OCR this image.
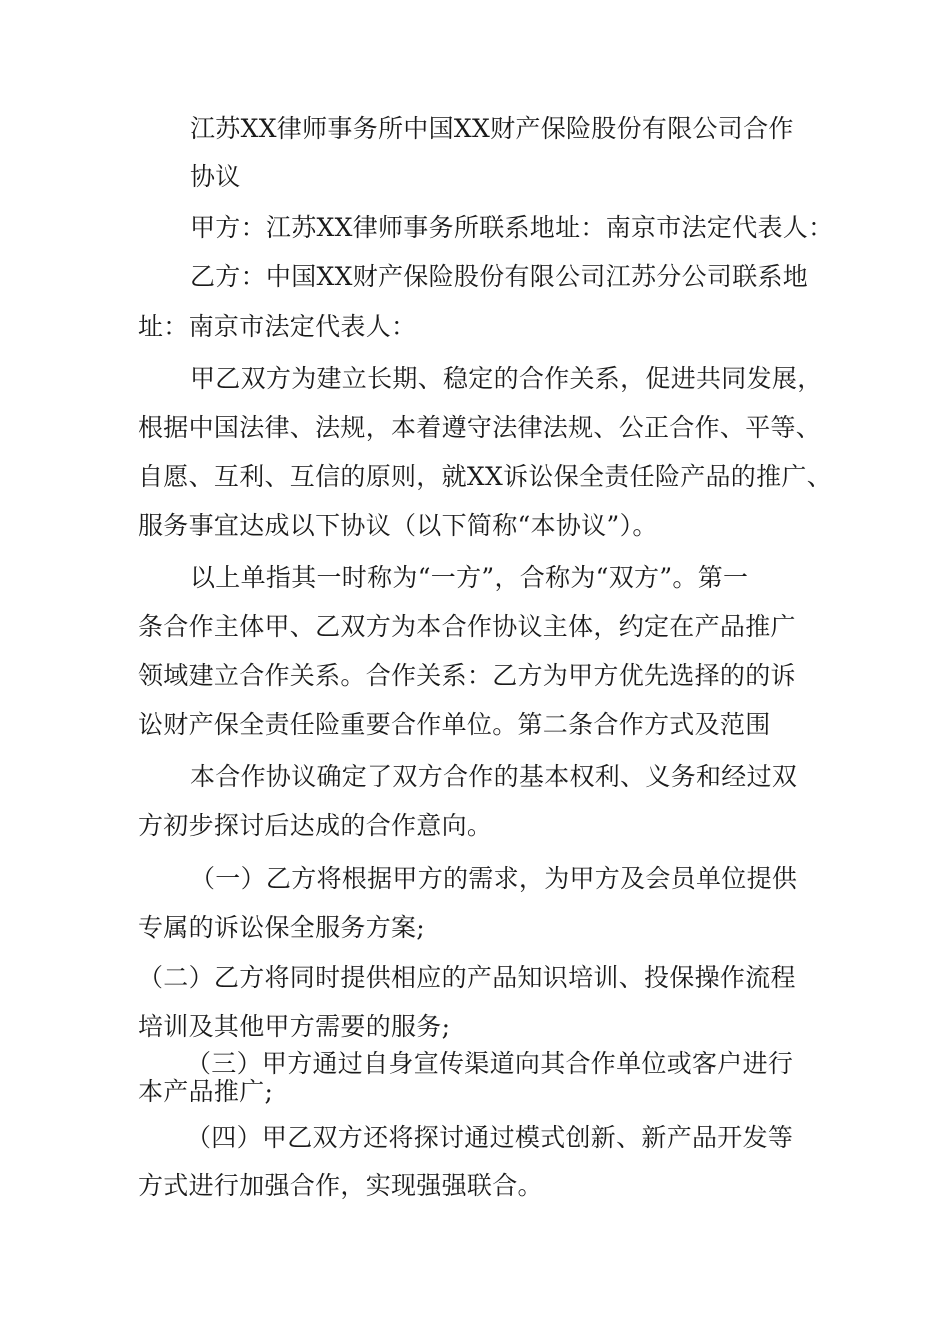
江苏XX律师事务所中国XX财产保险股份有限公司合作
协议
甲方：江苏XX律师事务所联系地址：南京市法定代表人：
乙方：中国XX财产保险股份有限公司江苏分公司联系地
址：南京市法定代表人：
甲乙双方为建立长期、稳定的合作关系，促进共同发展，
根据中国法律、法规，本着遵守法律法规、公正合作、平等、
自愿、互利、互信的原则，就XX诉讼保全责任险产品的推广、
服务事宜达成以下协议（以下简称“本协议”）。
以上单指其一时称为“一方”，合称为“双方”。第一
条合作主体甲、乙双方为本合作协议主体，约定在产品推广
领域建立合作关系。合作关系：乙方为甲方优先选择的的诉
讼财产保全责任险重要合作单位。第二条合作方式及范围
本合作协议确定了双方合作的基本权利、义务和经过双
方初步探讨后达成的合作意向。
（一）乙方将根据甲方的需求，为甲方及会员单位提供
专属的诉讼保全服务方案;
（二）乙方将同时提供相应的产品知识培训、投保操作流程
培训及其他甲方需要的服务;
（三）甲方通过自身宣传渠道向其合作单位或客户进行
本产品推广;
（四）甲乙双方还将探讨通过模式创新、新产品开发等
方式进行加强合作，实现强强联合。
